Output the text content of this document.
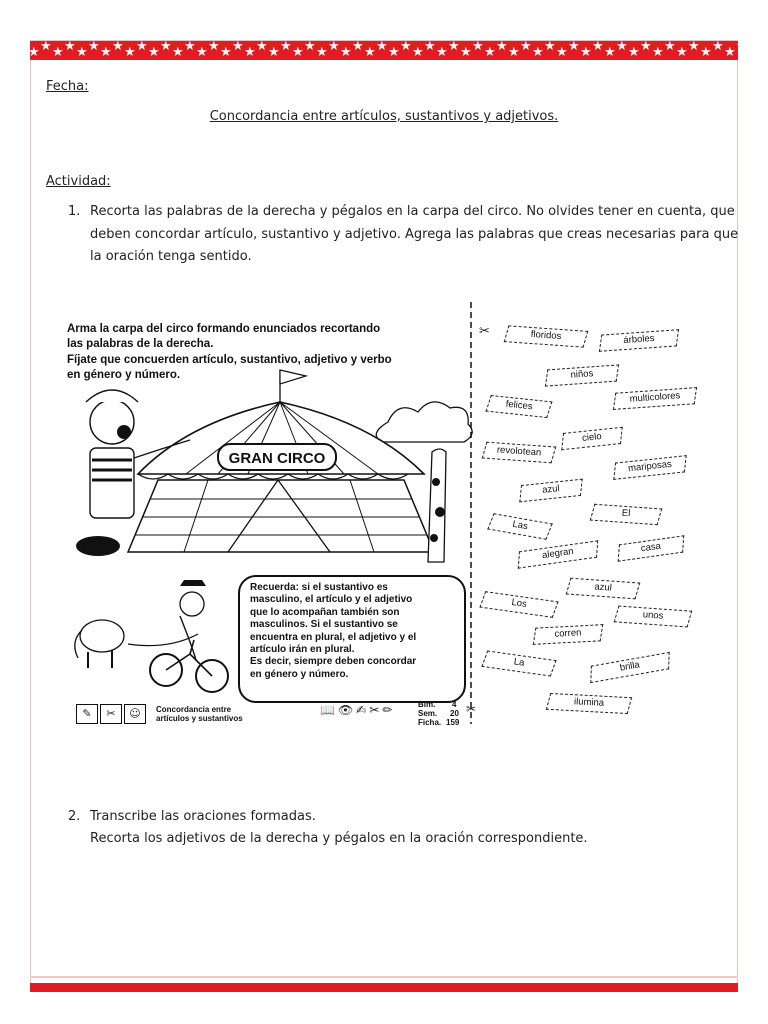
★ ★ ★ ★ ★ ★ ★ ★ ★ ★ ★ ★ ★ ★ ★ ★ ★ ★ ★ ★ ★ ★ ★ ★ ★ ★ ★ ★ ★ ★ ★ ★ ★ ★ ★ ★ ★ ★ ★ ★ ★ ★ ★ ★ ★ ★ ★ ★ ★ ★ ★ ★ ★ ★ ★ ★ ★ ★ ★ ★
Fecha:
Concordancia entre artículos, sustantivos y adjetivos.
Actividad:
1. Recorta las palabras de la derecha y pégalos en la carpa del circo. No olvides tener en cuenta, que
deben concordar artículo, sustantivo y adjetivo. Agrega las palabras que creas necesarias para que
la oración tenga sentido.
Arma la carpa del circo formando enunciados recortando
las palabras de la derecha.
Fíjate que concuerden artículo, sustantivo, adjetivo y verbo
en género y número.
GRAN CIRCO
✂
Recuerda: si el sustantivo es
masculino, el artículo y el adjetivo
que lo acompañan también son
masculinos. Si el sustantivo se
encuentra en plural, el adjetivo y el
artículo irán en plural.
Es decir, siempre deben concordar
en género y número.
✎	✂	☺	Concordancia entre
artículos y sustantivos
📖👁✍✂✏	Bim. 4
Sem. 20
Ficha. 159
✂
floridos	árboles
niños
felices
multicolores
cielo
revolotean
mariposas
azul
El
Las
alegran	casa
azul
Los
unos
corren
La	brilla
ilumina
2. Transcribe las oraciones formadas.
Recorta los adjetivos de la derecha y pégalos en la oración correspondiente.
